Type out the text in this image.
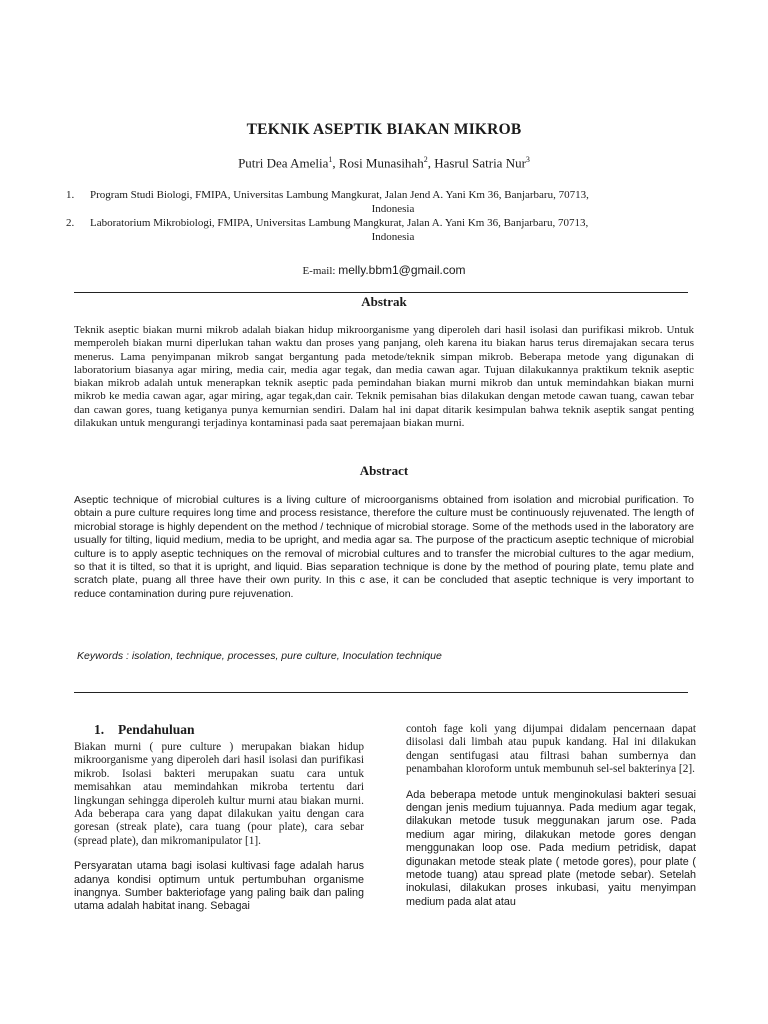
TEKNIK ASEPTIK BIAKAN MIKROB
Putri Dea Amelia$^1$, Rosi Munasihah$^2$, Hasrul Satria Nur$^3$
1.	Program Studi Biologi, FMIPA, Universitas Lambung Mangkurat, Jalan Jend A. Yani Km 36, Banjarbaru, 70713,
Indonesia
2.	Laboratorium Mikrobiologi, FMIPA, Universitas Lambung Mangkurat, Jalan A. Yani Km 36, Banjarbaru, 70713,
Indonesia
E-mail: melly.bbm1@gmail.com
Abstrak
Teknik aseptic biakan murni mikrob adalah biakan hidup mikroorganisme yang diperoleh dari hasil isolasi dan purifikasi mikrob. Untuk memperoleh biakan murni diperlukan tahan waktu dan proses yang panjang, oleh karena itu biakan harus terus diremajakan secara terus menerus. Lama penyimpanan mikrob sangat bergantung pada metode/teknik simpan mikrob. Beberapa metode yang digunakan di laboratorium biasanya agar miring, media cair, media agar tegak, dan media cawan agar. Tujuan dilakukannya praktikum teknik aseptic biakan mikrob adalah untuk menerapkan teknik aseptic pada pemindahan biakan murni mikrob dan untuk memindahkan biakan murni mikrob ke media cawan agar, agar miring, agar tegak,dan cair. Teknik pemisahan bias dilakukan dengan metode cawan tuang, cawan tebar dan cawan gores, tuang ketiganya punya kemurnian sendiri. Dalam hal ini dapat ditarik kesimpulan bahwa teknik aseptik sangat penting dilakukan untuk mengurangi terjadinya kontaminasi pada saat peremajaan biakan murni.
Abstract
Aseptic technique of microbial cultures is a living culture of microorganisms obtained from isolation and microbial purification. To obtain a pure culture requires long time and process resistance, therefore the culture must be continuously rejuvenated. The length of microbial storage is highly dependent on the method / technique of microbial storage. Some of the methods used in the laboratory are usually for tilting, liquid medium, media to be upright, and media agar sa. The purpose of the practicum aseptic technique of microbial culture is to apply aseptic techniques on the removal of microbial cultures and to transfer the microbial cultures to the agar medium, so that it is tilted, so that it is upright, and liquid. Bias separation technique is done by the method of pouring plate, temu plate and scratch plate, puang all three have their own purity. In this c ase, it can be concluded that aseptic technique is very important to reduce contamination during pure rejuvenation.
Keywords : isolation, technique, processes, pure culture, Inoculation technique
1. Pendahuluan

Biakan murni ( pure culture ) merupakan biakan hidup mikroorganisme yang diperoleh dari hasil isolasi dan purifikasi mikrob. Isolasi bakteri merupakan suatu cara untuk memisahkan atau memindahkan mikroba tertentu dari lingkungan sehingga diperoleh kultur murni atau biakan murni. Ada beberapa cara yang dapat dilakukan yaitu dengan cara goresan (streak plate), cara tuang (pour plate), cara sebar (spread plate), dan mikromanipulator [1].

Persyaratan utama bagi isolasi kultivasi fage adalah harus adanya kondisi optimum untuk pertumbuhan organisme inangnya. Sumber bakteriofage yang paling baik dan paling utama adalah habitat inang. Sebagai

contoh fage koli yang dijumpai didalam pencernaan dapat diisolasi dali limbah atau pupuk kandang. Hal ini dilakukan dengan sentifugasi atau filtrasi bahan sumbernya dan penambahan kloroform untuk membunuh sel-sel bakterinya [2].

Ada beberapa metode untuk menginokulasi bakteri sesuai dengan jenis medium tujuannya. Pada medium agar tegak, dilakukan metode tusuk meggunakan jarum ose. Pada medium agar miring, dilakukan metode gores dengan menggunakan loop ose. Pada medium petridisk, dapat digunakan metode steak plate ( metode gores), pour plate ( metode tuang) atau spread plate (metode sebar). Setelah inokulasi, dilakukan proses inkubasi, yaitu menyimpan medium pada alat atau
